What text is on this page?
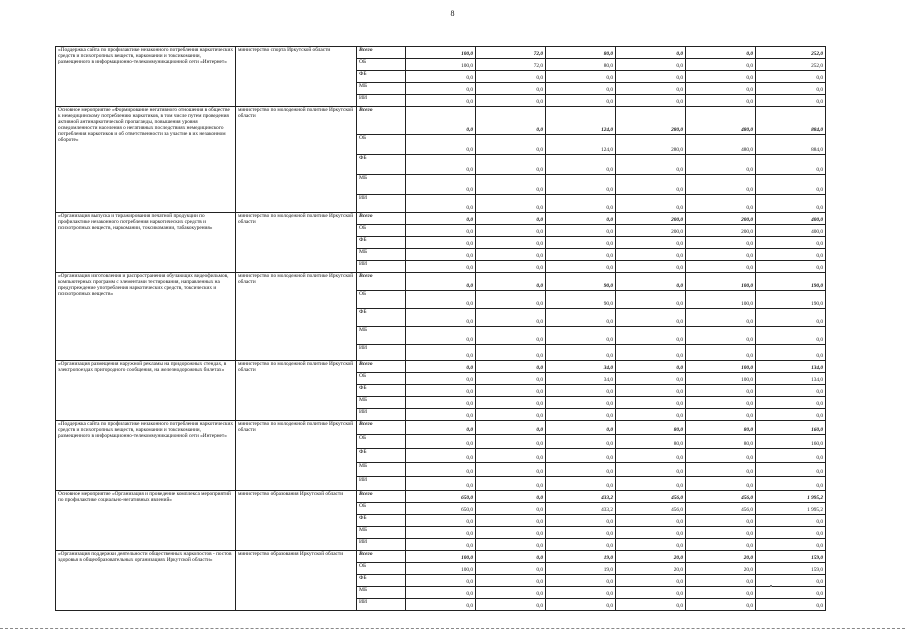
8
«Поддержка сайта по профилактике незаконного потребления наркотических средств и психотропных веществ, наркомании и токсикомании, размещенного в информационно-телекоммуникационной сети «Интернет»	министерство спорта Иркутской области	Всего	100,0	72,0	80,0	0,0	0,0	252,0
		ОБ	100,0	72,0	80,0	0,0	0,0	252,0
		ФБ	0,0	0,0	0,0	0,0	0,0	0,0
		МБ	0,0	0,0	0,0	0,0	0,0	0,0
		ИИ	0,0	0,0	0,0	0,0	0,0	0,0
Основное мероприятие «Формирование негативного отношения в обществе к немедицинскому потреблению наркотиков, в том числе путем проведения активной антинаркотической пропаганды, повышения уровня осведомленности населения о негативных последствиях немедицинского потребления наркотиков и об ответственности за участие в их незаконном обороте»	министерство по молодежной политике Иркутской области	Всего	0,0	0,0	124,0	280,0	480,0	884,0
		ОБ	0,0	0,0	124,0	280,0	480,0	884,0
		ФБ	0,0	0,0	0,0	0,0	0,0	0,0
		МБ	0,0	0,0	0,0	0,0	0,0	0,0
		ИИ	0,0	0,0	0,0	0,0	0,0	0,0
«Организация выпуска и тиражирования печатной продукции по профилактике незаконного потребления наркотических средств и психотропных веществ, наркомании, токсикомании, табакокурения»	министерство по молодежной политике Иркутской области	Всего	0,0	0,0	0,0	200,0	200,0	400,0
		ОБ	0,0	0,0	0,0	200,0	200,0	400,0
		ФБ	0,0	0,0	0,0	0,0	0,0	0,0
		МБ	0,0	0,0	0,0	0,0	0,0	0,0
		ИИ	0,0	0,0	0,0	0,0	0,0	0,0
«Организация изготовления и распространения обучающих видеофильмов, компьютерных программ с элементами тестирования, направленных на предупреждение употребления наркотических средств, токсических и психотропных веществ»	министерство по молодежной политике Иркутской области	Всего	0,0	0,0	90,0	0,0	100,0	190,0
		ОБ	0,0	0,0	90,0	0,0	100,0	190,0
		ФБ	0,0	0,0	0,0	0,0	0,0	0,0
		МБ	0,0	0,0	0,0	0,0	0,0	0,0
		ИИ	0,0	0,0	0,0	0,0	0,0	0,0
«Организация размещения наружной рекламы на придорожных стендах, в электропоездах пригородного сообщения, на железнодорожных билетах»	министерство по молодежной политике Иркутской области	Всего	0,0	0,0	34,0	0,0	100,0	134,0
		ОБ	0,0	0,0	34,0	0,0	100,0	134,0
		ФБ	0,0	0,0	0,0	0,0	0,0	0,0
		МБ	0,0	0,0	0,0	0,0	0,0	0,0
		ИИ	0,0	0,0	0,0	0,0	0,0	0,0
«Поддержка сайта по профилактике незаконного потребления наркотических средств и психотропных веществ, наркомании и токсикомании, размещенного в информационно-телекоммуникационной сети «Интернет»	министерство по молодежной политике Иркутской области	Всего	0,0	0,0	0,0	80,0	80,0	160,0
		ОБ	0,0	0,0	0,0	80,0	80,0	160,0
		ФБ	0,0	0,0	0,0	0,0	0,0	0,0
		МБ	0,0	0,0	0,0	0,0	0,0	0,0
		ИИ	0,0	0,0	0,0	0,0	0,0	0,0
Основное мероприятие «Организация и проведение комплекса мероприятий по профилактике социально-негативных явлений»	министерство образования Иркутской области	Всего	650,0	0,0	433,2	456,0	456,0	1 995,2
		ОБ	650,0	0,0	433,2	456,0	456,0	1 995,2
		ФБ	0,0	0,0	0,0	0,0	0,0	0,0
		МБ	0,0	0,0	0,0	0,0	0,0	0,0
		ИИ	0,0	0,0	0,0	0,0	0,0	0,0
«Организация поддержки деятельности общественных наркопостов - постов здоровья в общеобразовательных организациях Иркутской области»	министерство образования Иркутской области	Всего	100,0	0,0	19,0	20,0	20,0	159,0
		ОБ	100,0	0,0	19,0	20,0	20,0	159,0
		ФБ	0,0	0,0	0,0	0,0	0,0	0,0
		МБ	0,0	0,0	0,0	0,0	0,0	0,0
		ИИ	0,0	0,0	0,0	0,0	0,0	0,0
